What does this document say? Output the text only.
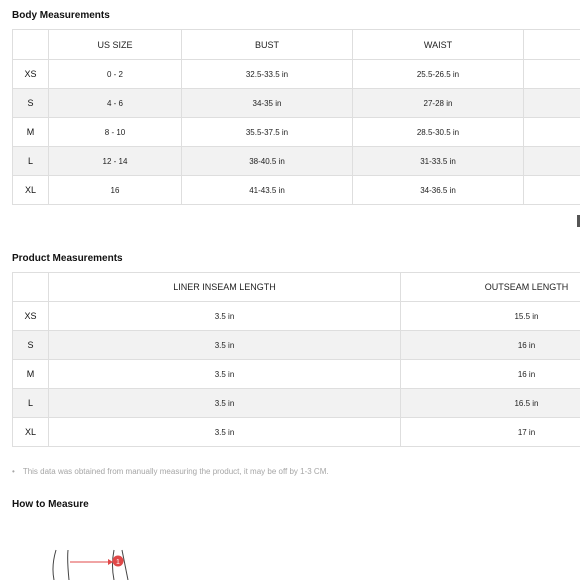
Body Measurements
	US SIZE	BUST	WAIST	
XS	0 - 2	32.5-33.5 in	25.5-26.5 in	
S	4 - 6	34-35 in	27-28 in	
M	8 - 10	35.5-37.5 in	28.5-30.5 in	
L	12 - 14	38-40.5 in	31-33.5 in	
XL	16	41-43.5 in	34-36.5 in	
Product Measurements
	LINER INSEAM LENGTH	OUTSEAM LENGTH
XS	3.5 in	15.5 in
S	3.5 in	16 in
M	3.5 in	16 in
L	3.5 in	16.5 in
XL	3.5 in	17 in
• This data was obtained from manually measuring the product, it may be off by 1-3 CM.
How to Measure
1
